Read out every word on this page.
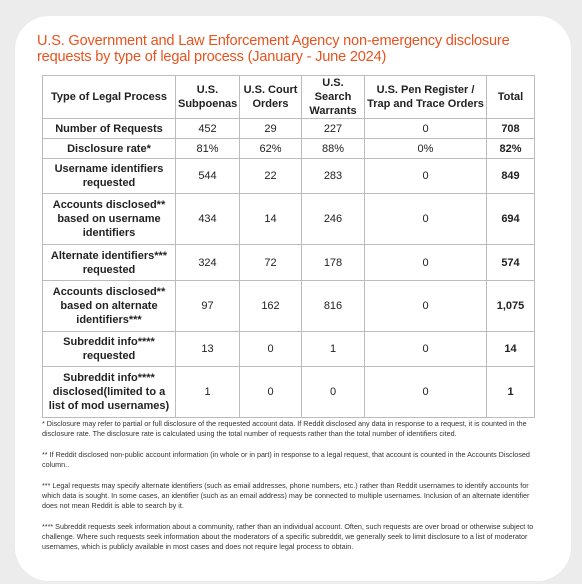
U.S. Government and Law Enforcement Agency non-emergency disclosure requests by type of legal process (January - June 2024)
Type of Legal Process	U.S. Subpoenas	U.S. Court Orders	U.S. Search Warrants	U.S. Pen Register / Trap and Trace Orders	Total
Number of Requests	452	29	227	0	708
Disclosure rate*	81%	62%	88%	0%	82%
Username identifiers requested	544	22	283	0	849
Accounts disclosed** based on username identifiers	434	14	246	0	694
Alternate identifiers*** requested	324	72	178	0	574
Accounts disclosed** based on alternate identifiers***	97	162	816	0	1,075
Subreddit info**** requested	13	0	1	0	14
Subreddit info**** disclosed(limited to a list of mod usernames)	1	0	0	0	1

* Disclosure may refer to partial or full disclosure of the requested account data. If Reddit disclosed any data in response to a request, it is counted in the disclosure rate. The disclosure rate is calculated using the total number of requests rather than the total number of identifiers cited.

** If Reddit disclosed non-public account information (in whole or in part) in response to a legal request, that account is counted in the Accounts Disclosed column..

*** Legal requests may specify alternate identifiers (such as email addresses, phone numbers, etc.) rather than Reddit usernames to identify accounts for which data is sought. In some cases, an identifier (such as an email address) may be connected to multiple usernames. Inclusion of an alternate identifier does not mean Reddit is able to search by it.

**** Subreddit requests seek information about a community, rather than an individual account. Often, such requests are over broad or otherwise subject to challenge. Where such requests seek information about the moderators of a specific subreddit, we generally seek to limit disclosure to a list of moderator usernames, which is publicly available in most cases and does not require legal process to obtain.
